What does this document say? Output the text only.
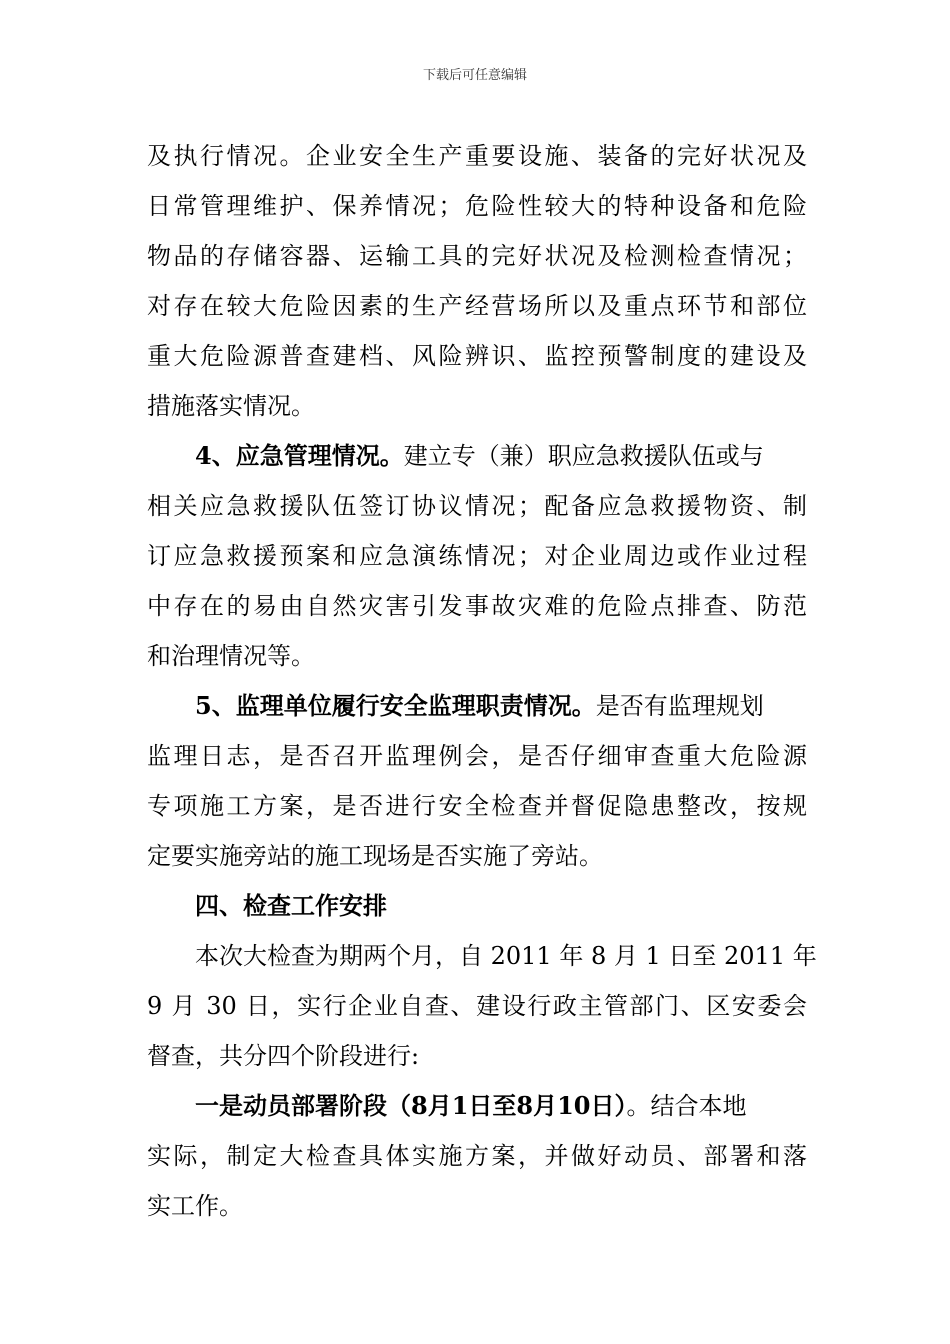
下载后可任意编辑
及执行情况。企业安全生产重要设施、装备的完好状况及
日常管理维护、保养情况；危险性较大的特种设备和危险
物品的存储容器、运输工具的完好状况及检测检查情况；
对存在较大危险因素的生产经营场所以及重点环节和部位
重大危险源普查建档、风险辨识、监控预警制度的建设及
措施落实情况。
4、应急管理情况。建立专（兼）职应急救援队伍或与
相关应急救援队伍签订协议情况；配备应急救援物资、制
订应急救援预案和应急演练情况；对企业周边或作业过程
中存在的易由自然灾害引发事故灾难的危险点排查、防范
和治理情况等。
5、监理单位履行安全监理职责情况。是否有监理规划
监理日志，是否召开监理例会，是否仔细审查重大危险源
专项施工方案，是否进行安全检查并督促隐患整改，按规
定要实施旁站的施工现场是否实施了旁站。
四、检查工作安排
本次大检查为期两个月，自 2011 年 8 月 1 日至 2011 年
9 月 30 日，实行企业自查、建设行政主管部门、区安委会
督查，共分四个阶段进行:
一是动员部署阶段（8月1日至8月10日）。结合本地
实际，制定大检查具体实施方案，并做好动员、部署和落
实工作。
